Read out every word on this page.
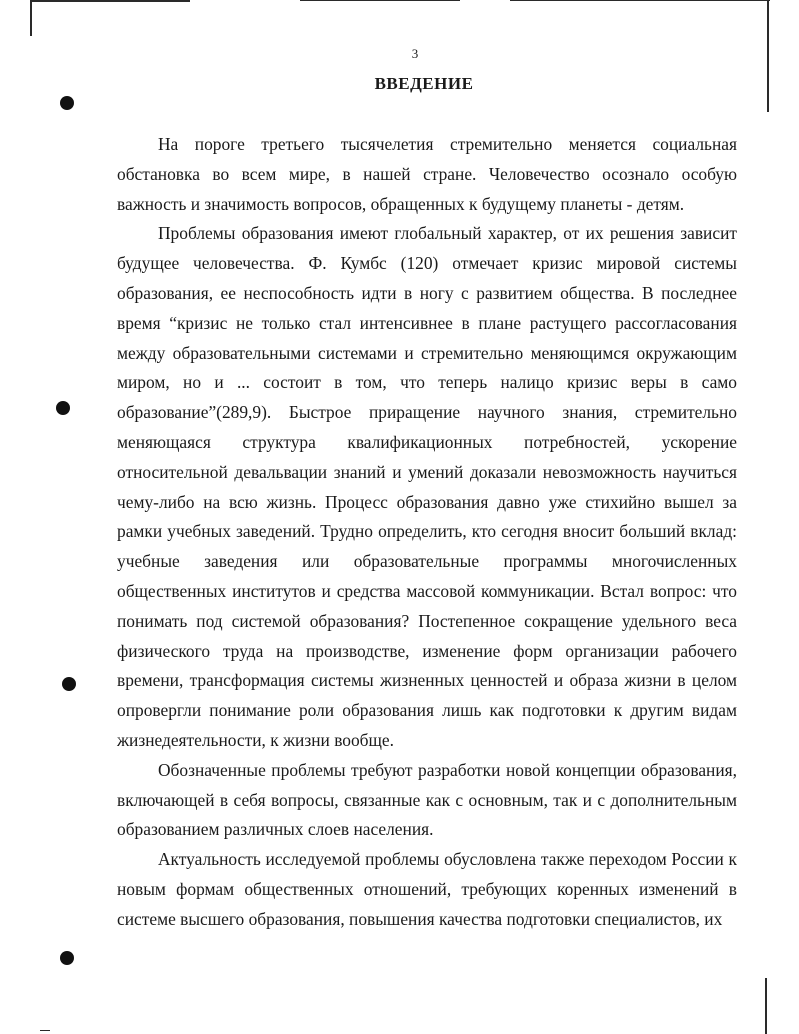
3
ВВЕДЕНИЕ

На пороге третьего тысячелетия стремительно меняется социальная обстановка во всем мире, в нашей стране. Человечество осознало особую важность и значимость вопросов, обращенных к будущему планеты - детям.

Проблемы образования имеют глобальный характер, от их решения зависит будущее человечества. Ф. Кумбс (120) отмечает кризис мировой системы образования, ее неспособность идти в ногу с развитием общества. В последнее время “кризис не только стал интенсивнее в плане растущего рассогласования между образовательными системами и стремительно меняющимся окружающим миром, но и ... состоит в том, что теперь налицо кризис веры в само образование”(289,9). Быстрое приращение научного знания, стремительно меняющаяся структура квалификационных потребностей, ускорение относительной девальвации знаний и умений доказали невозможность научиться чему-либо на всю жизнь. Процесс образования давно уже стихийно вышел за рамки учебных заведений. Трудно определить, кто сегодня вносит больший вклад: учебные заведения или образовательные программы многочисленных общественных институтов и средства массовой коммуникации. Встал вопрос: что понимать под системой образования? Постепенное сокращение удельного веса физического труда на производстве, изменение форм организации рабочего времени, трансформация системы жизненных ценностей и образа жизни в целом опровергли понимание роли образования лишь как подготовки к другим видам жизнедеятельности, к жизни вообще.

Обозначенные проблемы требуют разработки новой концепции образования, включающей в себя вопросы, связанные как с основным, так и с дополнительным образованием различных слоев населения.

Актуальность исследуемой проблемы обусловлена также переходом России к новым формам общественных отношений, требующих коренных изменений в системе высшего образования, повышения качества подготовки специалистов, их
